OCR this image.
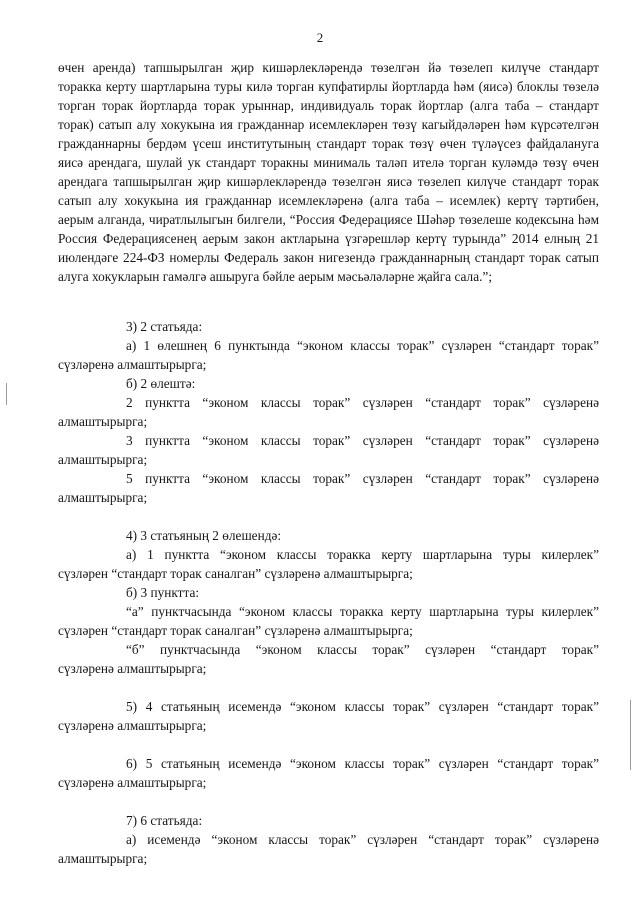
2
өчен аренда) тапшырылган җир кишәрлекләрендә төзелгән йә төзелеп килүче стандарт торакка керту шартларына туры килә торган купфатирлы йортларда һәм (яисә) блоклы төзелә торган торак йортларда торак урыннар, индивидуаль торак йортлар (алга таба – стандарт торак) сатып алу хокукына ия гражданнар исемлекләрен төзү кагыйдәләрен һәм күрсәтелгән гражданнарны бердәм үсеш институтының стандарт торак төзү өчен түләүсез файдалануга яисә арендага, шулай ук стандарт торакны минималь таләп ителә торган куләмдә төзү өчен арендага тапшырылган җир кишәрлекләрендә төзелгән яисә төзелеп килүче стандарт торак сатып алу хокукына ия гражданнар исемлекләренә (алга таба – исемлек) кертү тәртибен, аерым алганда, чиратлылыгын билгели, “Россия Федерациясе Шәһәр төзелеше кодексына һәм Россия Федерациясенең аерым закон актларына үзгәрешләр кертү турында” 2014 елның 21 июлендәге 224-ФЗ номерлы Федераль закон нигезендә гражданнарның стандарт торак сатып алуга хокукларын гамәлгә ашыруга бәйле аерым мәсьәләләрне җайга сала.”;
3) 2 статьяда:
а) 1 өлешнең 6 пунктында “эконом классы торак” сүзләрен “стандарт торак”
сүзләренә алмаштырырга;
б) 2 өлештә:
2 пунктта “эконом классы торак” сүзләрен “стандарт торак” сүзләренә
алмаштырырга;
3 пунктта “эконом классы торак” сүзләрен “стандарт торак” сүзләренә
алмаштырырга;
5 пунктта “эконом классы торак” сүзләрен “стандарт торак” сүзләренә
алмаштырырга;
4) 3 статьяның 2 өлешендә:
а) 1 пунктта “эконом классы торакка керту шартларына туры килерлек”
сүзләрен “стандарт торак саналган” сүзләренә алмаштырырга;
б) 3 пунктта:
“а” пунктчасында “эконом классы торакка керту шартларына туры килерлек”
сүзләрен “стандарт торак саналган” сүзләренә алмаштырырга;
“б” пунктчасында “эконом классы торак” сүзләрен “стандарт торак”
сүзләренә алмаштырырга;
5) 4 статьяның исемендә “эконом классы торак” сүзләрен “стандарт торак”
сүзләренә алмаштырырга;
6) 5 статьяның исемендә “эконом классы торак” сүзләрен “стандарт торак”
сүзләренә алмаштырырга;
7) 6 статьяда:
а) исемендә “эконом классы торак” сүзләрен “стандарт торак” сүзләренә
алмаштырырга;
